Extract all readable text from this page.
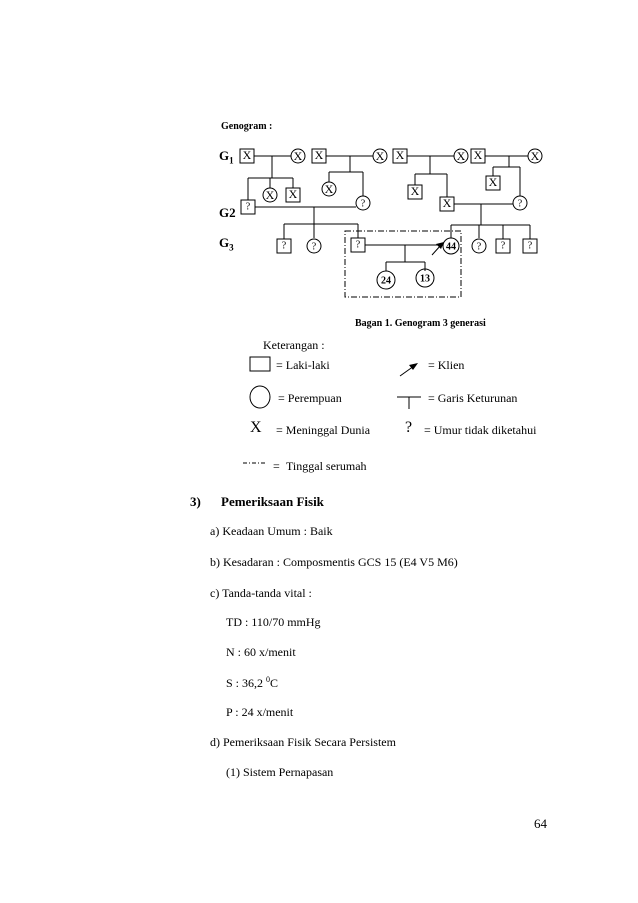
X	X
X X
?
X	X
X
?
X	X
X
X
X	X
X
?
?	?	?	44 ? ? ?
24	13
Genogram :
$G_1$
G2
$G_3$
Bagan 1. Genogram 3 generasi
Keterangan :
= Laki-laki	= Klien
= Perempuan	= Garis Keturunan
X = Meninggal Dunia ? = Umur tidak diketahui
= Tinggal serumah
3) Pemeriksaan Fisik
a) Keadaan Umum : Baik
b) Kesadaran : Composmentis GCS 15 (E4 V5 M6)
c) Tanda-tanda vital :
TD : 110/70 mmHg
N : 60 x/menit
S : 36,2 $^0$C
P : 24 x/menit
d) Pemeriksaan Fisik Secara Persistem
(1) Sistem Pernapasan
64
